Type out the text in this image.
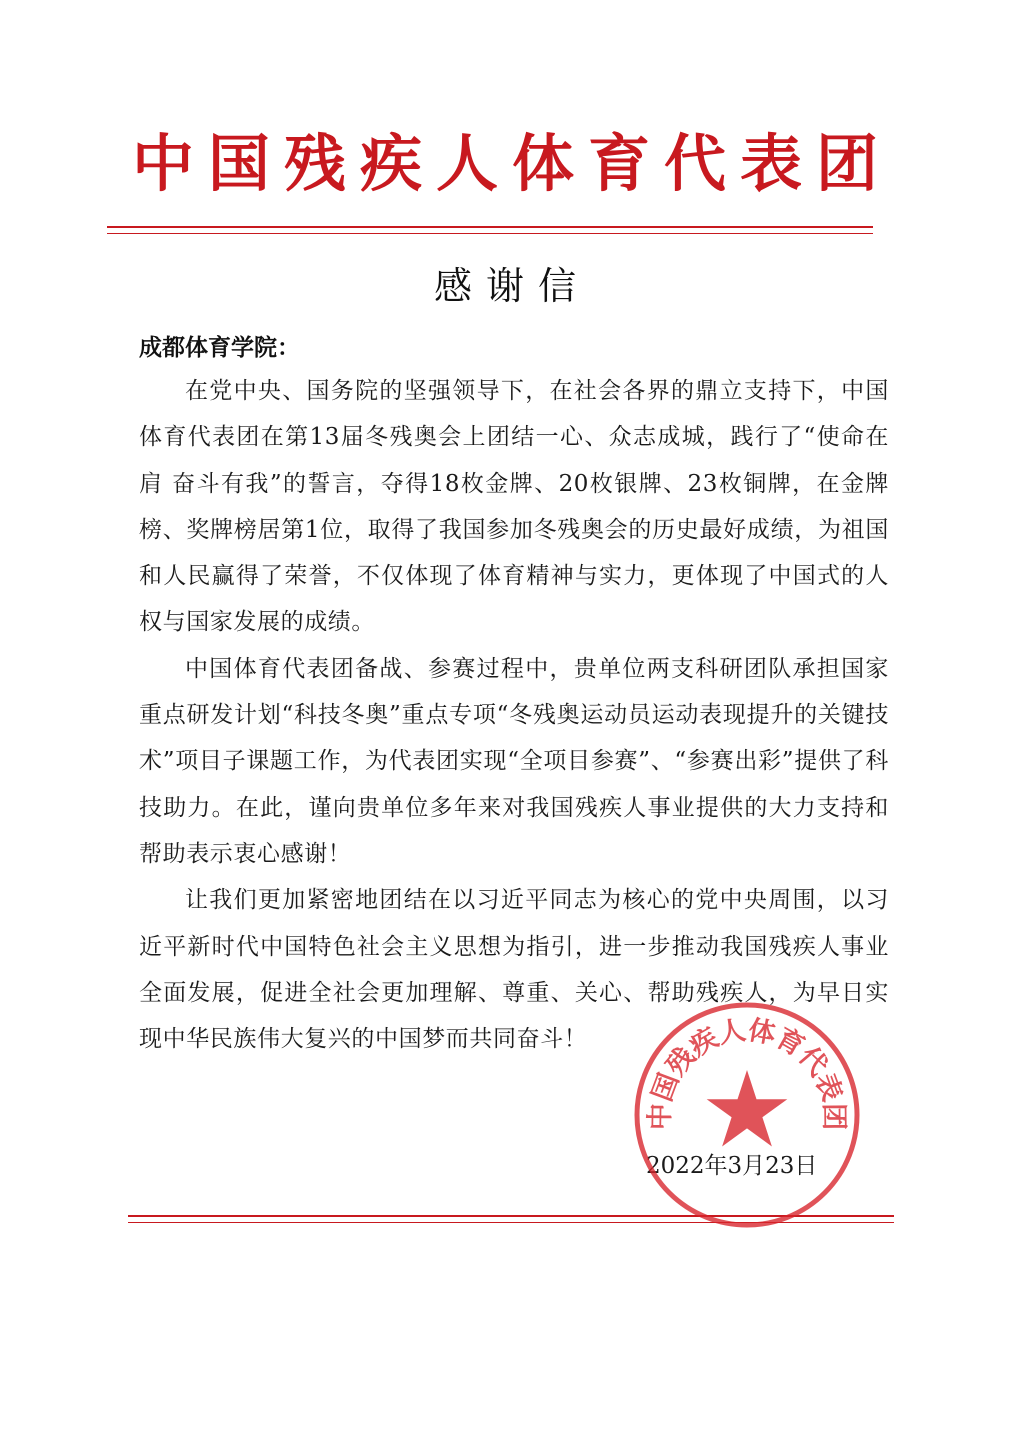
中国残疾人体育代表团
感谢信
成都体育学院：

在党中央、国务院的坚强领导下，在社会各界的鼎立支持下，中国体育代表团在第13届冬残奥会上团结一心、众志成城，践行了“使命在肩 奋斗有我”的誓言，夺得18枚金牌、20枚银牌、23枚铜牌，在金牌榜、奖牌榜居第1位，取得了我国参加冬残奥会的历史最好成绩，为祖国和人民赢得了荣誉，不仅体现了体育精神与实力，更体现了中国式的人权与国家发展的成绩。

中国体育代表团备战、参赛过程中，贵单位两支科研团队承担国家重点研发计划“科技冬奥”重点专项“冬残奥运动员运动表现提升的关键技术”项目子课题工作，为代表团实现“全项目参赛”、“参赛出彩”提供了科技助力。在此，谨向贵单位多年来对我国残疾人事业提供的大力支持和帮助表示衷心感谢！

让我们更加紧密地团结在以习近平同志为核心的党中央周围，以习近平新时代中国特色社会主义思想为指引，进一步推动我国残疾人事业全面发展，促进全社会更加理解、尊重、关心、帮助残疾人，为早日实现中华民族伟大复兴的中国梦而共同奋斗！

2022年3月23日
中国残疾人体育代表团
